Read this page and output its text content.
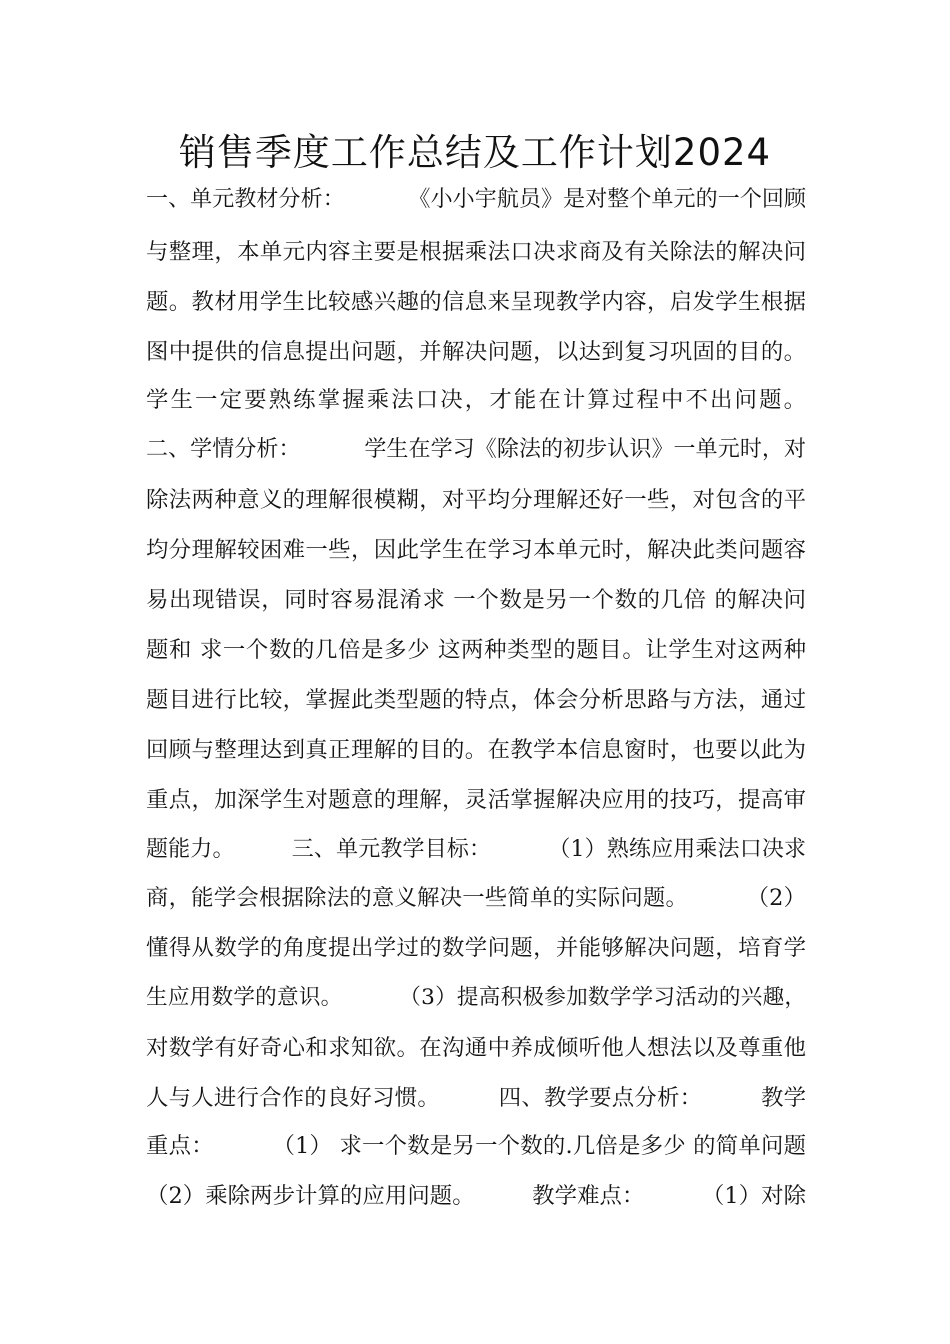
销售季度工作总结及工作计划2024
一、单元教材分析：         《小小宇航员》是对整个单元的一个回顾
与整理，本单元内容主要是根据乘法口决求商及有关除法的解决问
题。教材用学生比较感兴趣的信息来呈现教学内容，启发学生根据
图中提供的信息提出问题，并解决问题，以达到复习巩固的目的。
学生一定要熟练掌握乘法口决，才能在计算过程中不出问题。
二、学情分析：         学生在学习《除法的初步认识》一单元时，对
除法两种意义的理解很模糊，对平均分理解还好一些，对包含的平
均分理解较困难一些，因此学生在学习本单元时，解决此类问题容
易出现错误，同时容易混淆求 一个数是另一个数的几倍 的解决问
题和 求一个数的几倍是多少 这两种类型的题目。让学生对这两种
题目进行比较，掌握此类型题的特点，体会分析思路与方法，通过
回顾与整理达到真正理解的目的。在教学本信息窗时，也要以此为
重点，加深学生对题意的理解，灵活掌握解决应用的技巧，提高审
题能力。        三、单元教学目标：        （1）熟练应用乘法口决求
商，能学会根据除法的意义解决一些简单的实际问题。        （2）
懂得从数学的角度提出学过的数学问题，并能够解决问题，培育学
生应用数学的意识。        （3）提高积极参加数学学习活动的兴趣，
对数学有好奇心和求知欲。在沟通中养成倾听他人想法以及尊重他
人与人进行合作的良好习惯。        四、教学要点分析：        教学
重点：        （1） 求一个数是另一个数的.几倍是多少 的简单问题
（2）乘除两步计算的应用问题。        教学难点：        （1）对除
